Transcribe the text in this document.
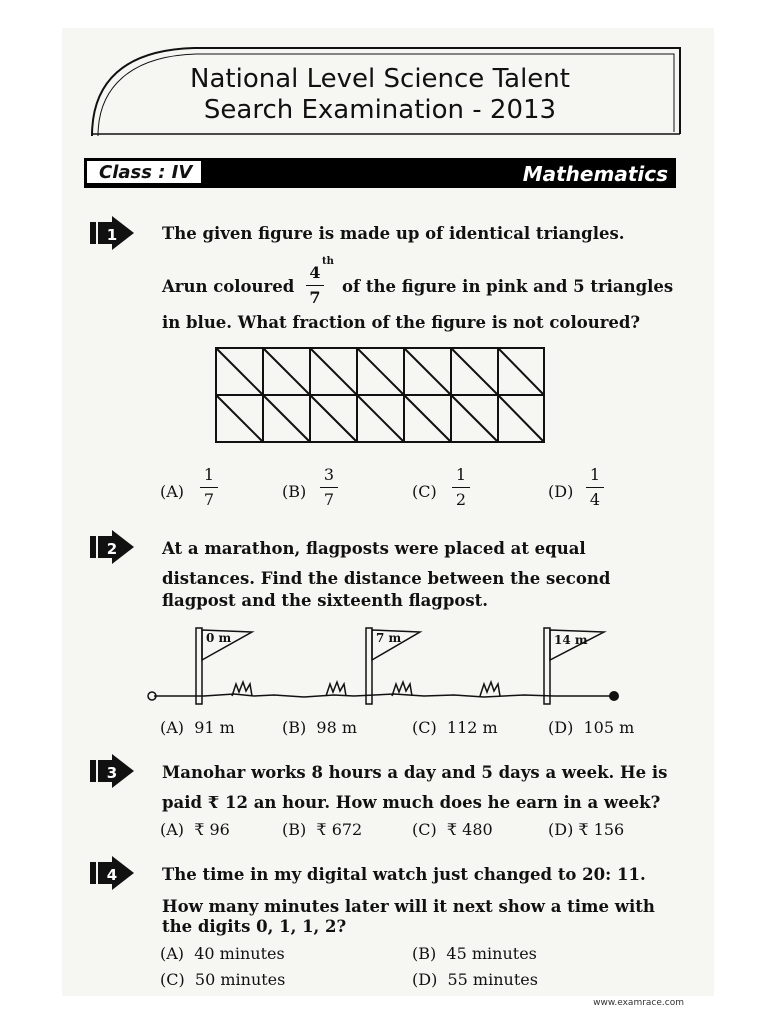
National Level Science Talent
Search Examination - 2013
Class : IV	Mathematics
1	The given figure is made up of identical triangles.
Arun coloured
4
7
th
of the figure in pink and 5 triangles
in blue. What fraction of the figure is not coloured?
(A)
1
7	(B)
3
7	(C)
1
2	(D)
1
4
2	At a marathon, flagposts were placed at equal
distances. Find the distance between the second
flagpost and the sixteenth flagpost.
0 m	7 m	14 m
(A) 91 m	(B) 98 m	(C) 112 m	(D) 105 m
3	Manohar works 8 hours a day and 5 days a week. He is
paid ₹ 12 an hour. How much does he earn in a week?
(A) ₹ 96	(B) ₹ 672	(C) ₹ 480	(D) ₹ 156
4	The time in my digital watch just changed to 20: 11.
How many minutes later will it next show a time with
the digits 0, 1, 1, 2?
(A) 40 minutes	(B) 45 minutes
(C) 50 minutes	(D) 55 minutes
www.examrace.com
